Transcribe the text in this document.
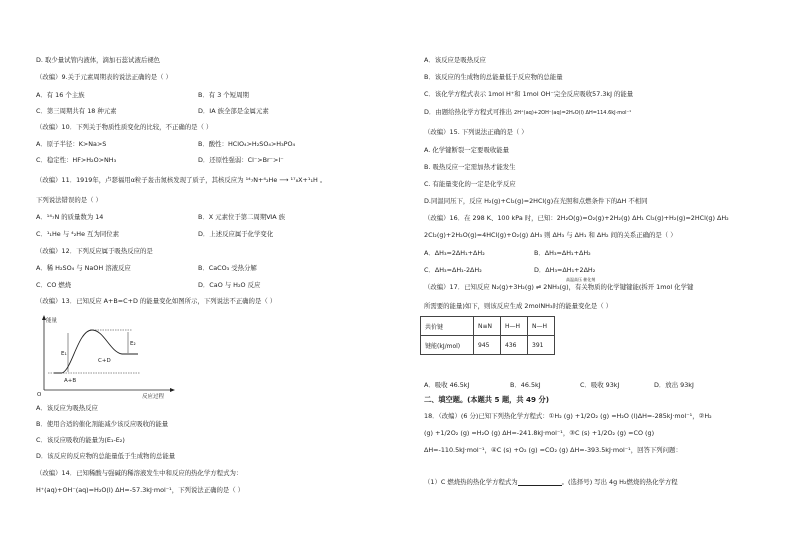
D. 取少量试管内液体，滴加石蕊试液后褪色
（改编）9.关于元素周期表的说法正确的是（ ）
A．有 16 个主族	B．有 3 个短周期
C．第三周期共有 18 种元素	D．IA 族全部是金属元素
（改编）10．下列关于物质性质变化的比较，不正确的是（ ）
A．原子半径：K>Na>S	B．酸性：HClO₄>H₂SO₄>H₃PO₄
C．稳定性：HF>H₂O>NH₃	D．还原性强弱：Cl⁻>Br⁻>I⁻
（改编）11．1919年，卢瑟福用α粒子轰击氮核发现了质子，其核反应为 ¹⁴₇N+⁴₂He ⟶ ¹⁷₈X+¹₁H 。
下列说法错误的是（ ）
A．¹⁴₇N 的质量数为 14	B．X 元素位于第二周期ⅥA 族
C．¹₁He 与 ⁴₂He 互为同位素	D．上述反应属于化学变化
（改编）12．下列反应属于吸热反应的是
A．稀 H₂SO₄ 与 NaOH 溶液反应	B．CaCO₃ 受热分解
C．CO 燃烧	D．CaO 与 H₂O 反应
（改编）13．已知反应 A+B=C+D 的能量变化如图所示，下列说法不正确的是（ ）
能量
反应过程
O
E₁
E₂
A+B
C+D
A．该反应为吸热反应
B．使用合适的催化剂能减少该反应吸收的能量
C．该反应吸收的能量为(E₁-E₂)
D．该反应的反应物的总能量低于生成物的总能量
（改编）14．已知稀酸与强碱的稀溶液发生中和反应的热化学方程式为：
H⁺(aq)+OH⁻(aq)=H₂O(l) ΔH=-57.3kJ·mol⁻¹，下列说法正确的是（ ）
A．该反应是吸热反应
B．该反应的生成物的总能量低于反应物的总能量
C．该化学方程式表示 1mol H⁺和 1mol OH⁻完全反应吸收57.3kJ 的能量
D．由题给热化学方程式可推出 2H⁺(aq)+2OH⁻(aq)=2H₂O(l) ΔH=114.6kJ·mol⁻¹
（改编）15. 下列说法正确的是（ ）
A. 化学键断裂一定要吸收能量
B. 吸热反应一定需加热才能发生
C. 有能量变化的一定是化学反应
D.同温同压下，反应 H₂(g)+Cl₂(g)=2HCl(g)在光照和点燃条件下的ΔH 不相同
（改编）16．在 298 K、100 kPa 时，已知：2H₂O(g)=O₂(g)+2H₂(g) ΔH₁ Cl₂(g)+H₂(g)=2HCl(g) ΔH₂
2Cl₂(g)+2H₂O(g)=4HCl(g)+O₂(g) ΔH₃ 则 ΔH₃ 与 ΔH₁ 和 ΔH₂ 间的关系正确的是（ ）
A．ΔH₃=2ΔH₁+ΔH₂	B．ΔH₃=ΔH₁+ΔH₂
C．ΔH₃=ΔH₁-2ΔH₂	D．ΔH₃=ΔH₁+2ΔH₂
（改编）17．已知反应 N₂(g)+3H₂(g) ⇌ 2NH₃(g)，有关物质的化学键键能(拆开 1mol 化学键
高温高压 催化剂
所需要的能量)如下，则该反应生成 2molNH₃时的能量变化是（ ）
共价键	N≡N	H—H	N—H
键能(kJ/mol)	945	436	391
A．吸收 46.5kJ	B．46.5kJ	C．吸收 93kJ	D．放出 93kJ
二、填空题。(本题共 5 题，共 49 分)
18．（改编）(6 分)已知下列热化学方程式：①H₂ (g) +1/2O₂ (g) =H₂O (l)ΔH=-285kJ·mol⁻¹，②H₂
(g) +1/2O₂ (g) =H₂O (g) ΔH=-241.8kJ·mol⁻¹，③C (s) +1/2O₂ (g) =CO (g)
ΔH=-110.5kJ·mol⁻¹，④C (s) +O₂ (g) =CO₂ (g) ΔH=-393.5kJ·mol⁻¹，回答下列问题：
（1）C 燃烧热的热化学方程式为	。(选择号) 写出 4g H₂燃烧的热化学方程
